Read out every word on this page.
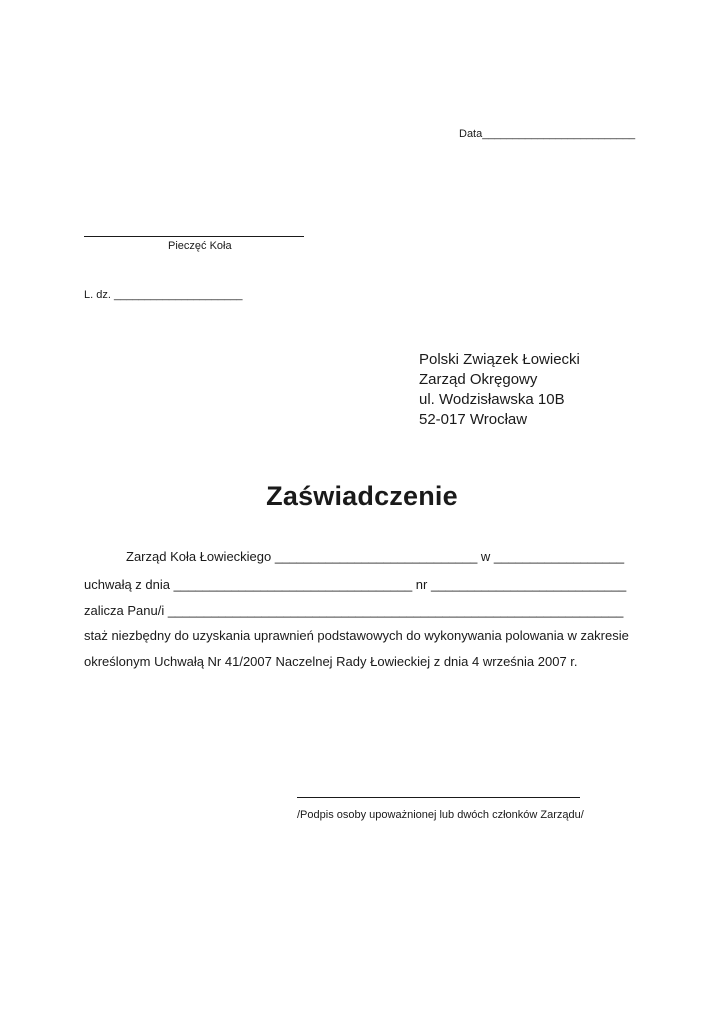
Data_________________________
Pieczęć Koła
L. dz. _____________________
Polski Związek Łowiecki
Zarząd Okręgowy
ul. Wodzisławska 10B
52-017 Wrocław
Zaświadczenie
Zarząd Koła Łowieckiego ____________________________ w __________________
uchwałą z dnia _________________________________ nr ___________________________
zalicza Panu/i _______________________________________________________________
staż niezbędny do uzyskania uprawnień podstawowych do wykonywania polowania w zakresie
określonym Uchwałą Nr 41/2007 Naczelnej Rady Łowieckiej z dnia 4 września 2007 r.
/Podpis osoby upoważnionej lub dwóch członków Zarządu/
